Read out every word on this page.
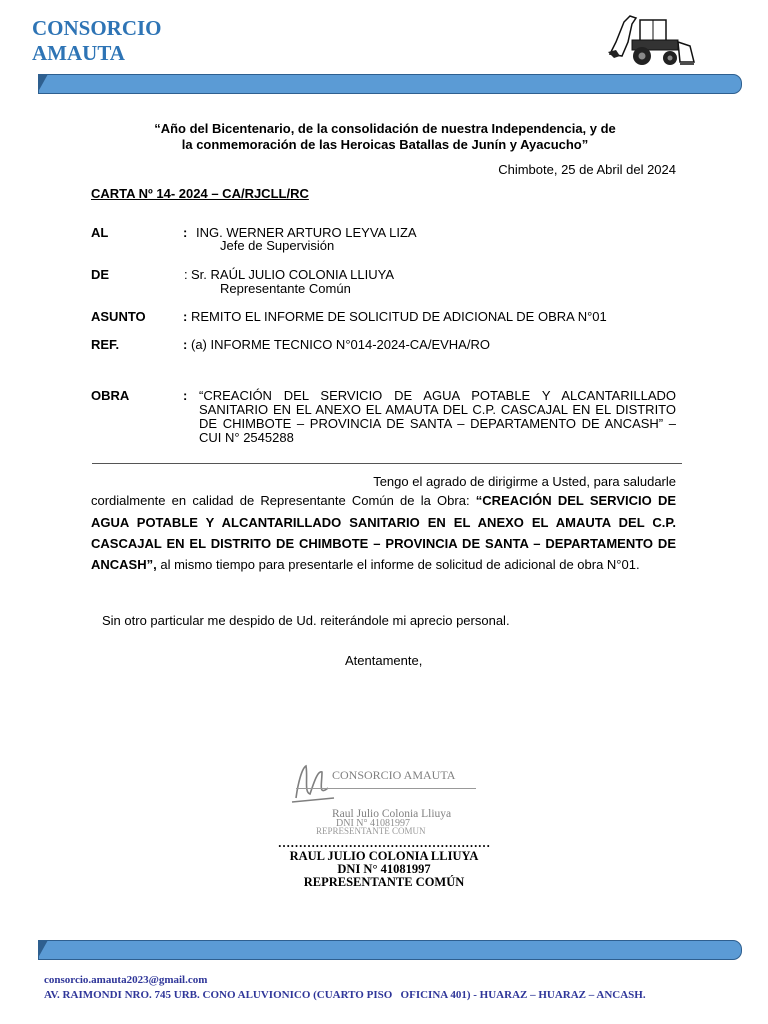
CONSORCIO
AMAUTA
“Año del Bicentenario, de la consolidación de nuestra Independencia, y de
la conmemoración de las Heroicas Batallas de Junín y Ayacucho”
Chimbote, 25 de Abril del 2024
CARTA Nº 14- 2024 – CA/RJCLL/RC
AL	: ING. WERNER ARTURO LEYVA LIZA
Jefe de Supervisión
DE	: Sr. RAÚL JULIO COLONIA LLIUYA
Representante Común
ASUNTO	: REMITO EL INFORME DE SOLICITUD DE ADICIONAL DE OBRA N°01
REF.	: (a) INFORME TECNICO N°014-2024-CA/EVHA/RO
OBRA	: “CREACIÓN DEL SERVICIO DE AGUA POTABLE Y ALCANTARILLADO
SANITARIO EN EL ANEXO EL AMAUTA DEL C.P. CASCAJAL EN EL DISTRITO
DE CHIMBOTE – PROVINCIA DE SANTA – DEPARTAMENTO DE ANCASH” –
CUI N° 2545288
Tengo el agrado de dirigirme a Usted, para saludarle
cordialmente en calidad de Representante Común de la Obra: “CREACIÓN DEL SERVICIO DE
AGUA POTABLE Y ALCANTARILLADO SANITARIO EN EL ANEXO EL AMAUTA DEL C.P.
CASCAJAL EN EL DISTRITO DE CHIMBOTE – PROVINCIA DE SANTA – DEPARTAMENTO DE
ANCASH”, al mismo tiempo para presentarle el informe de solicitud de adicional de obra N°01.
Sin otro particular me despido de Ud. reiterándole mi aprecio personal.
Atentamente,
CONSORCIO AMAUTA
Raul Julio Colonia Lliuya
DNI N° 41081997
REPRESENTANTE COMUN
……………………………………………
RAUL JULIO COLONIA LLIUYA
DNI N° 41081997
REPRESENTANTE COMÚN
consorcio.amauta2023@gmail.com
AV. RAIMONDI NRO. 745 URB. CONO ALUVIONICO (CUARTO PISO   OFICINA 401) - HUARAZ – HUARAZ – ANCASH.
